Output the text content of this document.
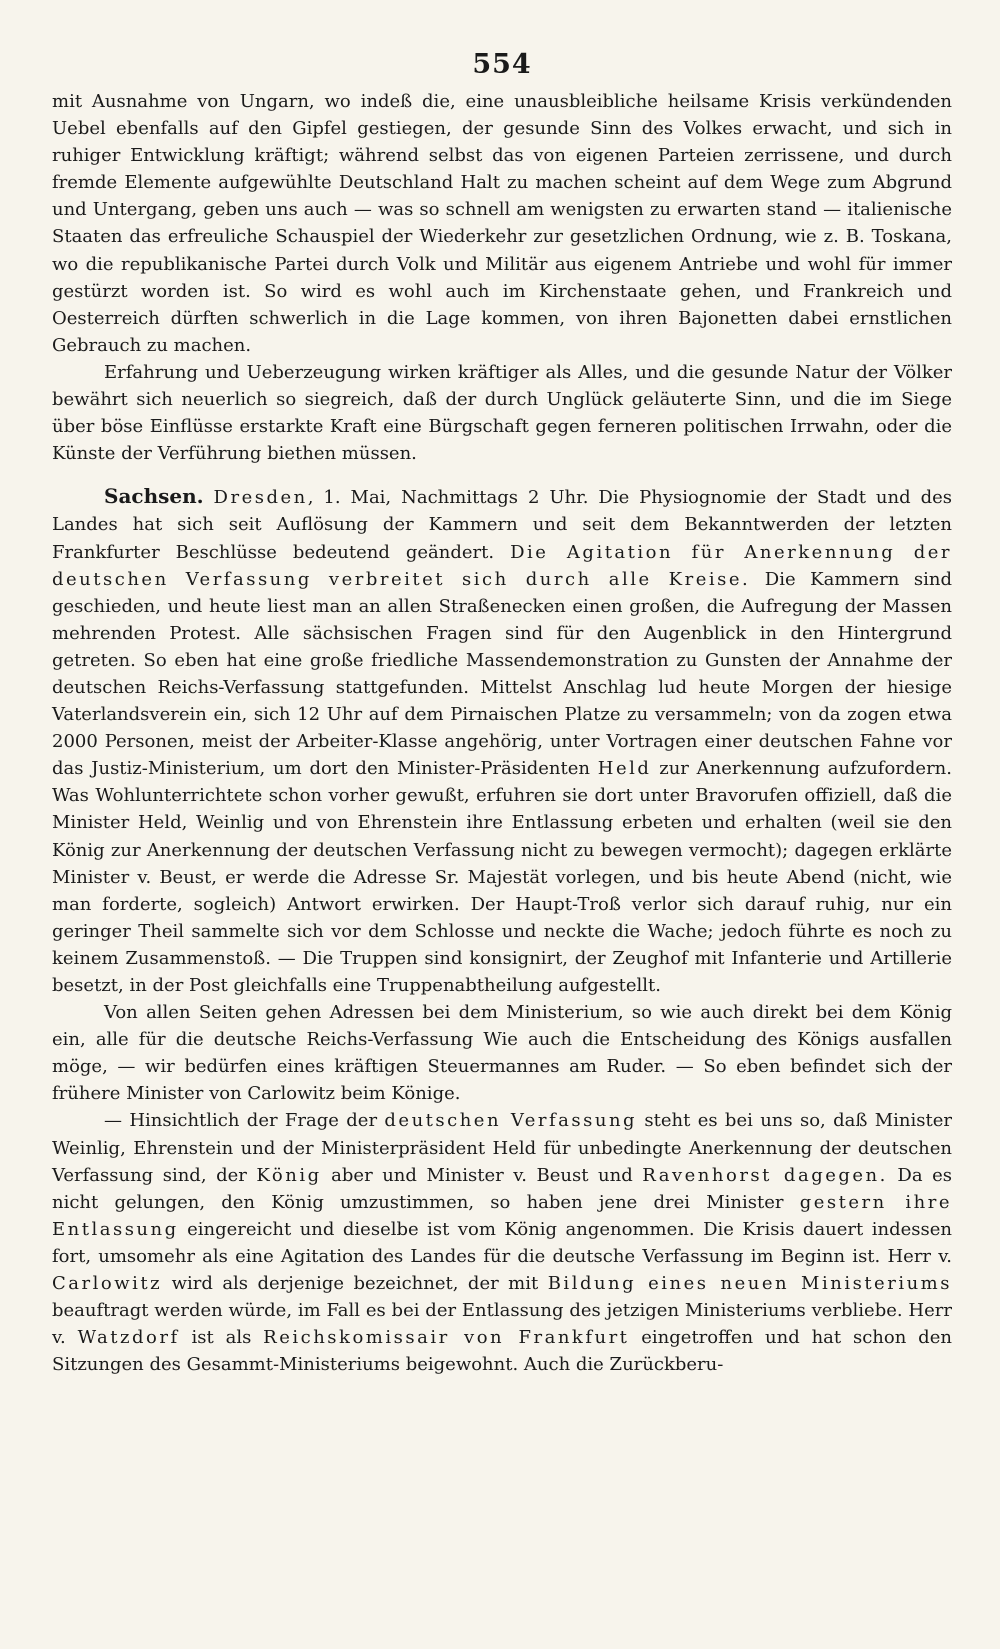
554

mit Ausnahme von Ungarn, wo indeß die, eine unausbleibliche heilsame Krisis verkündenden Uebel ebenfalls auf den Gipfel gestiegen, der gesunde Sinn des Volkes erwacht, und sich in ruhiger Entwicklung kräftigt; während selbst das von eigenen Parteien zerrissene, und durch fremde Elemente aufgewühlte Deutschland Halt zu machen scheint auf dem Wege zum Abgrund und Untergang, geben uns auch — was so schnell am wenigsten zu erwarten stand — italienische Staaten das erfreuliche Schauspiel der Wiederkehr zur gesetzlichen Ordnung, wie z. B. Toskana, wo die republikanische Partei durch Volk und Militär aus eigenem Antriebe und wohl für immer gestürzt worden ist. So wird es wohl auch im Kirchenstaate gehen, und Frankreich und Oesterreich dürften schwerlich in die Lage kommen, von ihren Bajonetten dabei ernstlichen Gebrauch zu machen.

Erfahrung und Ueberzeugung wirken kräftiger als Alles, und die gesunde Natur der Völker bewährt sich neuerlich so siegreich, daß der durch Unglück geläuterte Sinn, und die im Siege über böse Einflüsse erstarkte Kraft eine Bürgschaft gegen ferneren politischen Irrwahn, oder die Künste der Verführung biethen müssen.

Sachsen. Dresden, 1. Mai, Nachmittags 2 Uhr. Die Physiognomie der Stadt und des Landes hat sich seit Auflösung der Kammern und seit dem Bekanntwerden der letzten Frankfurter Beschlüsse bedeutend geändert. Die Agitation für Anerkennung der deutschen Verfassung verbreitet sich durch alle Kreise. Die Kammern sind geschieden, und heute liest man an allen Straßenecken einen großen, die Aufregung der Massen mehrenden Protest. Alle sächsischen Fragen sind für den Augenblick in den Hintergrund getreten. So eben hat eine große friedliche Massendemonstration zu Gunsten der Annahme der deutschen Reichs-Verfassung stattgefunden. Mittelst Anschlag lud heute Morgen der hiesige Vaterlandsverein ein, sich 12 Uhr auf dem Pirnaischen Platze zu versammeln; von da zogen etwa 2000 Personen, meist der Arbeiter-Klasse angehörig, unter Vortragen einer deutschen Fahne vor das Justiz-Ministerium, um dort den Minister-Präsidenten Held zur Anerkennung aufzufordern. Was Wohlunterrichtete schon vorher gewußt, erfuhren sie dort unter Bravorufen offiziell, daß die Minister Held, Weinlig und von Ehrenstein ihre Entlassung erbeten und erhalten (weil sie den König zur Anerkennung der deutschen Verfassung nicht zu bewegen vermocht); dagegen erklärte Minister v. Beust, er werde die Adresse Sr. Majestät vorlegen, und bis heute Abend (nicht, wie man forderte, sogleich) Antwort erwirken. Der Haupt-Troß verlor sich darauf ruhig, nur ein geringer Theil sammelte sich vor dem Schlosse und neckte die Wache; jedoch führte es noch zu keinem Zusammenstoß. — Die Truppen sind konsignirt, der Zeughof mit Infanterie und Artillerie besetzt, in der Post gleichfalls eine Truppenabtheilung aufgestellt.

Von allen Seiten gehen Adressen bei dem Ministerium, so wie auch direkt bei dem König ein, alle für die deutsche Reichs-Verfassung Wie auch die Entscheidung des Königs ausfallen möge, — wir bedürfen eines kräftigen Steuermannes am Ruder. — So eben befindet sich der frühere Minister von Carlowitz beim Könige.

— Hinsichtlich der Frage der deutschen Verfassung steht es bei uns so, daß Minister Weinlig, Ehrenstein und der Ministerpräsident Held für unbedingte Anerkennung der deutschen Verfassung sind, der König aber und Minister v. Beust und Ravenhorst dagegen. Da es nicht gelungen, den König umzustimmen, so haben jene drei Minister gestern ihre Entlassung eingereicht und dieselbe ist vom König angenommen. Die Krisis dauert indessen fort, umsomehr als eine Agitation des Landes für die deutsche Verfassung im Beginn ist. Herr v. Carlowitz wird als derjenige bezeichnet, der mit Bildung eines neuen Ministeriums beauftragt werden würde, im Fall es bei der Entlassung des jetzigen Ministeriums verbliebe. Herr v. Watzdorf ist als Reichskomissair von Frankfurt eingetroffen und hat schon den Sitzungen des Gesammt-Ministeriums beigewohnt. Auch die Zurückberu-
